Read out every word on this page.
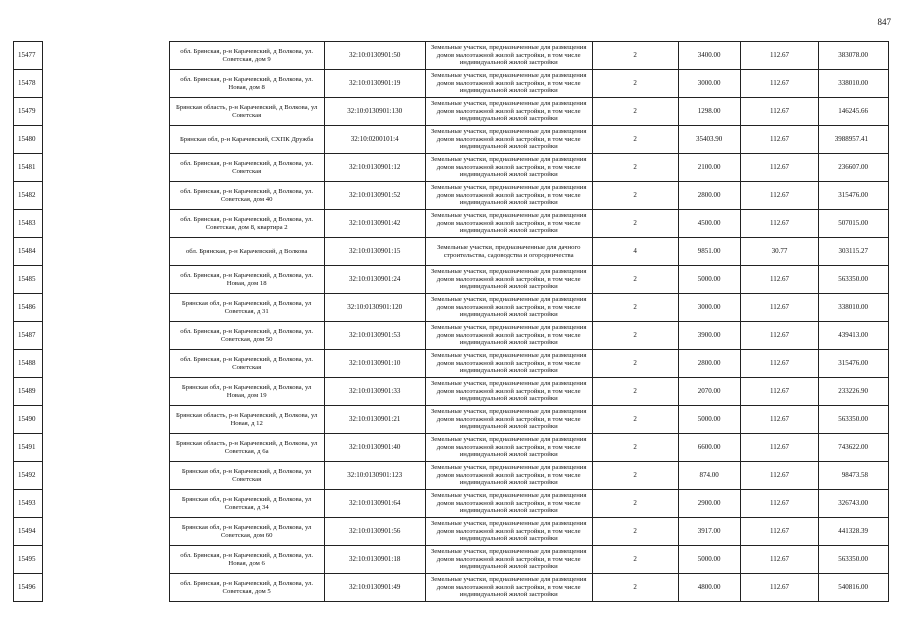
847
15477		обл. Брянская, р-н Карачевский, д Волкова, ул. Советская, дом 9	32:10:0130901:50	Земельные участки, предназначенные для размещения домов малоэтажной жилой застройки, в том числе индивидуальной жилой застройки	2	3400.00	112.67	383078.00
15478		обл. Брянская, р-н Карачевский, д Волкова, ул. Новая, дом 8	32:10:0130901:19	Земельные участки, предназначенные для размещения домов малоэтажной жилой застройки, в том числе индивидуальной жилой застройки	2	3000.00	112.67	338010.00
15479		Брянская область, р-н Карачевский, д Волкова, ул Советская	32:10:0130901:130	Земельные участки, предназначенные для размещения домов малоэтажной жилой застройки, в том числе индивидуальной жилой застройки	2	1298.00	112.67	146245.66
15480		Брянская обл, р-н Карачевский, СХПК Дружба	32:10:0200101:4	Земельные участки, предназначенные для размещения домов малоэтажной жилой застройки, в том числе индивидуальной жилой застройки	2	35403.90	112.67	3988957.41
15481		обл. Брянская, р-н Карачевский, д Волкова, ул. Советская	32:10:0130901:12	Земельные участки, предназначенные для размещения домов малоэтажной жилой застройки, в том числе индивидуальной жилой застройки	2	2100.00	112.67	236607.00
15482		обл. Брянская, р-н Карачевский, д Волкова, ул. Советская, дом 40	32:10:0130901:52	Земельные участки, предназначенные для размещения домов малоэтажной жилой застройки, в том числе индивидуальной жилой застройки	2	2800.00	112.67	315476.00
15483		обл. Брянская, р-н Карачевский, д Волкова, ул. Советская, дом 8, квартира 2	32:10:0130901:42	Земельные участки, предназначенные для размещения домов малоэтажной жилой застройки, в том числе индивидуальной жилой застройки	2	4500.00	112.67	507015.00
15484		обл. Брянская, р-н Карачевский, д Волкова	32:10:0130901:15	Земельные участки, предназначенные для дачного строительства, садоводства и огородничества	4	9851.00	30.77	303115.27
15485		обл. Брянская, р-н Карачевский, д Волкова, ул. Новая, дом 18	32:10:0130901:24	Земельные участки, предназначенные для размещения домов малоэтажной жилой застройки, в том числе индивидуальной жилой застройки	2	5000.00	112.67	563350.00
15486		Брянская обл, р-н Карачевский, д Волкова, ул Советская, д 31	32:10:0130901:120	Земельные участки, предназначенные для размещения домов малоэтажной жилой застройки, в том числе индивидуальной жилой застройки	2	3000.00	112.67	338010.00
15487		обл. Брянская, р-н Карачевский, д Волкова, ул. Советская, дом 50	32:10:0130901:53	Земельные участки, предназначенные для размещения домов малоэтажной жилой застройки, в том числе индивидуальной жилой застройки	2	3900.00	112.67	439413.00
15488		обл. Брянская, р-н Карачевский, д Волкова, ул. Советская	32:10:0130901:10	Земельные участки, предназначенные для размещения домов малоэтажной жилой застройки, в том числе индивидуальной жилой застройки	2	2800.00	112.67	315476.00
15489		Брянская обл, р-н Карачевский, д Волкова, ул Новая, дом 19	32:10:0130901:33	Земельные участки, предназначенные для размещения домов малоэтажной жилой застройки, в том числе индивидуальной жилой застройки	2	2070.00	112.67	233226.90
15490		Брянская область, р-н Карачевский, д Волкова, ул Новая, д 12	32:10:0130901:21	Земельные участки, предназначенные для размещения домов малоэтажной жилой застройки, в том числе индивидуальной жилой застройки	2	5000.00	112.67	563350.00
15491		Брянская область, р-н Карачевский, д Волкова, ул Советская, д 6а	32:10:0130901:40	Земельные участки, предназначенные для размещения домов малоэтажной жилой застройки, в том числе индивидуальной жилой застройки	2	6600.00	112.67	743622.00
15492		Брянская обл, р-н Карачевский, д Волкова, ул Советская	32:10:0130901:123	Земельные участки, предназначенные для размещения домов малоэтажной жилой застройки, в том числе индивидуальной жилой застройки	2	874.00	112.67	98473.58
15493		Брянская обл, р-н Карачевский, д Волкова, ул Советская, д 34	32:10:0130901:64	Земельные участки, предназначенные для размещения домов малоэтажной жилой застройки, в том числе индивидуальной жилой застройки	2	2900.00	112.67	326743.00
15494		Брянская обл, р-н Карачевский, д Волкова, ул Советская, дом 60	32:10:0130901:56	Земельные участки, предназначенные для размещения домов малоэтажной жилой застройки, в том числе индивидуальной жилой застройки	2	3917.00	112.67	441328.39
15495		обл. Брянская, р-н Карачевский, д Волкова, ул. Новая, дом 6	32:10:0130901:18	Земельные участки, предназначенные для размещения домов малоэтажной жилой застройки, в том числе индивидуальной жилой застройки	2	5000.00	112.67	563350.00
15496		обл. Брянская, р-н Карачевский, д Волкова, ул. Советская, дом 5	32:10:0130901:49	Земельные участки, предназначенные для размещения домов малоэтажной жилой застройки, в том числе индивидуальной жилой застройки	2	4800.00	112.67	540816.00
